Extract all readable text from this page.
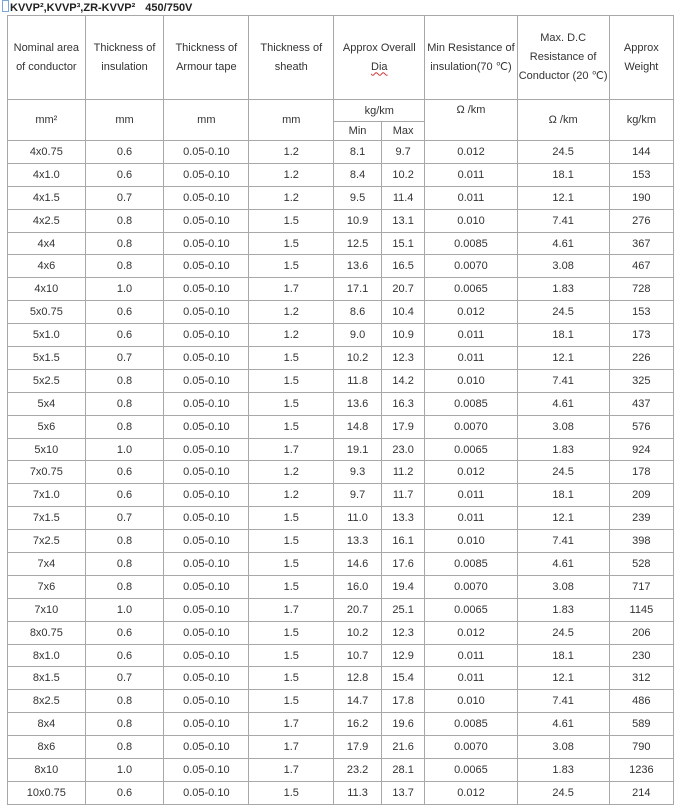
KVVP²,KVVP³,ZR-KVVP² 450/750V
Nominal area of conductor	Thickness of insulation	Thickness of Armour tape	Thickness of sheath	Approx Overall Dia		Min Resistance of insulation(70 ℃)	Max. D.C Resistance of Conductor (20 ℃)	Approx Weight
mm²	mm	mm	mm	kg/km		Ω /km	Ω /km	kg/km
				Min	Max			
4x0.75	0.6	0.05-0.10	1.2	8.1	9.7	0.012	24.5	144
4x1.0	0.6	0.05-0.10	1.2	8.4	10.2	0.011	18.1	153
4x1.5	0.7	0.05-0.10	1.2	9.5	11.4	0.011	12.1	190
4x2.5	0.8	0.05-0.10	1.5	10.9	13.1	0.010	7.41	276
4x4	0.8	0.05-0.10	1.5	12.5	15.1	0.0085	4.61	367
4x6	0.8	0.05-0.10	1.5	13.6	16.5	0.0070	3.08	467
4x10	1.0	0.05-0.10	1.7	17.1	20.7	0.0065	1.83	728
5x0.75	0.6	0.05-0.10	1.2	8.6	10.4	0.012	24.5	153
5x1.0	0.6	0.05-0.10	1.2	9.0	10.9	0.011	18.1	173
5x1.5	0.7	0.05-0.10	1.5	10.2	12.3	0.011	12.1	226
5x2.5	0.8	0.05-0.10	1.5	11.8	14.2	0.010	7.41	325
5x4	0.8	0.05-0.10	1.5	13.6	16.3	0.0085	4.61	437
5x6	0.8	0.05-0.10	1.5	14.8	17.9	0.0070	3.08	576
5x10	1.0	0.05-0.10	1.7	19.1	23.0	0.0065	1.83	924
7x0.75	0.6	0.05-0.10	1.2	9.3	11.2	0.012	24.5	178
7x1.0	0.6	0.05-0.10	1.2	9.7	11.7	0.011	18.1	209
7x1.5	0.7	0.05-0.10	1.5	11.0	13.3	0.011	12.1	239
7x2.5	0.8	0.05-0.10	1.5	13.3	16.1	0.010	7.41	398
7x4	0.8	0.05-0.10	1.5	14.6	17.6	0.0085	4.61	528
7x6	0.8	0.05-0.10	1.5	16.0	19.4	0.0070	3.08	717
7x10	1.0	0.05-0.10	1.7	20.7	25.1	0.0065	1.83	1145
8x0.75	0.6	0.05-0.10	1.5	10.2	12.3	0.012	24.5	206
8x1.0	0.6	0.05-0.10	1.5	10.7	12.9	0.011	18.1	230
8x1.5	0.7	0.05-0.10	1.5	12.8	15.4	0.011	12.1	312
8x2.5	0.8	0.05-0.10	1.5	14.7	17.8	0.010	7.41	486
8x4	0.8	0.05-0.10	1.7	16.2	19.6	0.0085	4.61	589
8x6	0.8	0.05-0.10	1.7	17.9	21.6	0.0070	3.08	790
8x10	1.0	0.05-0.10	1.7	23.2	28.1	0.0065	1.83	1236
10x0.75	0.6	0.05-0.10	1.5	11.3	13.7	0.012	24.5	214
